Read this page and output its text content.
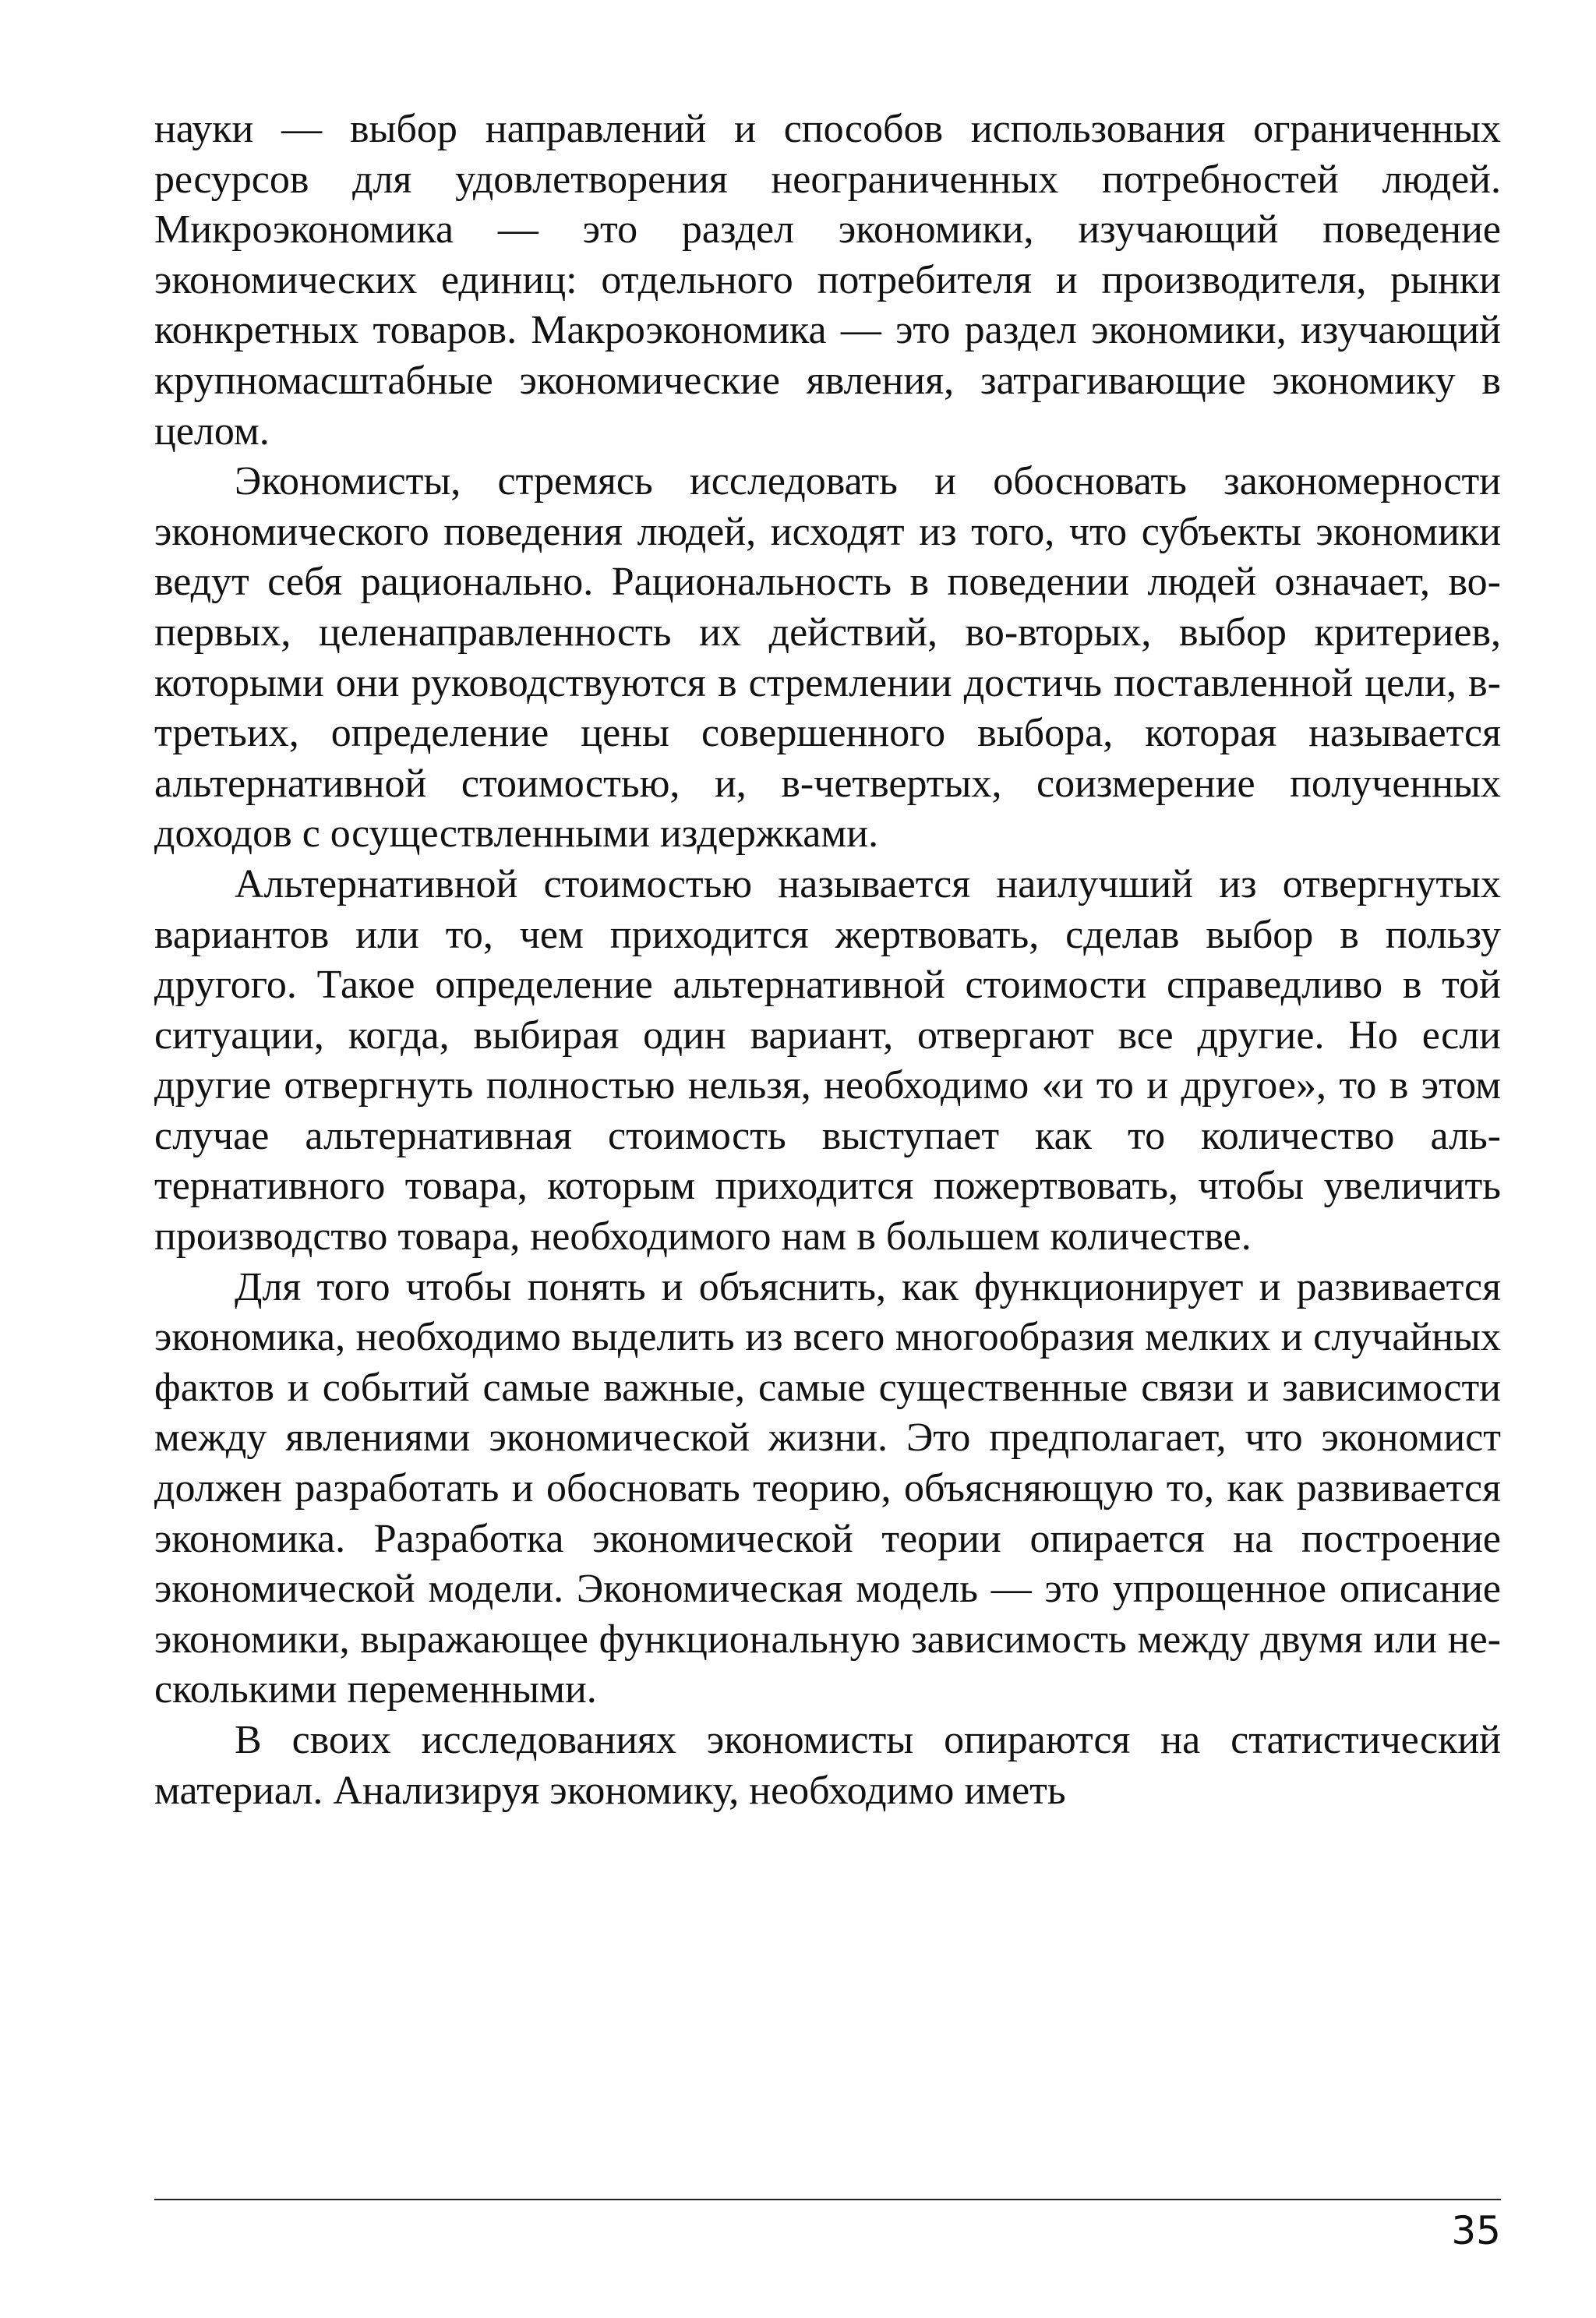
науки — выбор направлений и способов использования ограниченных ресурсов для удовлетворения неограниченных потребностей людей. Микроэкономика — это раздел экономики, изучающий поведение экономических единиц: отдельного потребителя и производителя, рынки конкретных товаров. Макроэкономика — это раздел экономики, изучающий крупномасштабные экономические явления, затрагивающие экономику в целом.

Экономисты, стремясь исследовать и обосновать закономерности экономического поведения людей, исходят из того, что субъекты экономики ведут себя рационально. Рациональность в поведении людей означает, во-первых, целенаправленность их действий, во-вторых, выбор критериев, которыми они руководствуются в стремлении достичь поставленной цели, в-третьих, определение цены совершенного выбора, которая называется альтернативной стоимостью, и, в-четвертых, соизмерение полученных доходов с осуществленными издержками.

Альтернативной стоимостью называется наилучший из отвергнутых вариантов или то, чем приходится жертвовать, сделав выбор в пользу другого. Такое определение альтернативной стоимости справедливо в той ситуации, когда, выбирая один вариант, отвергают все другие. Но если другие отвергнуть полностью нельзя, необходимо «и то и другое», то в этом случае альтернативная стоимость выступает как то количество альтернативного товара, которым приходится пожертвовать, чтобы увеличить производство товара, необходимого нам в большем количестве.

Для того чтобы понять и объяснить, как функционирует и развивается экономика, необходимо выделить из всего многообразия мелких и случайных фактов и событий самые важные, самые существенные связи и зависимости между явлениями экономической жизни. Это предполагает, что экономист должен разработать и обосновать теорию, объясняющую то, как развивается экономика. Разработка экономической теории опирается на построение экономической модели. Экономическая модель — это упрощенное описание экономики, выражающее функциональную зависимость между двумя или несколькими переменными.

В своих исследованиях экономисты опираются на статистический материал. Анализируя экономику, необходимо иметь

35
